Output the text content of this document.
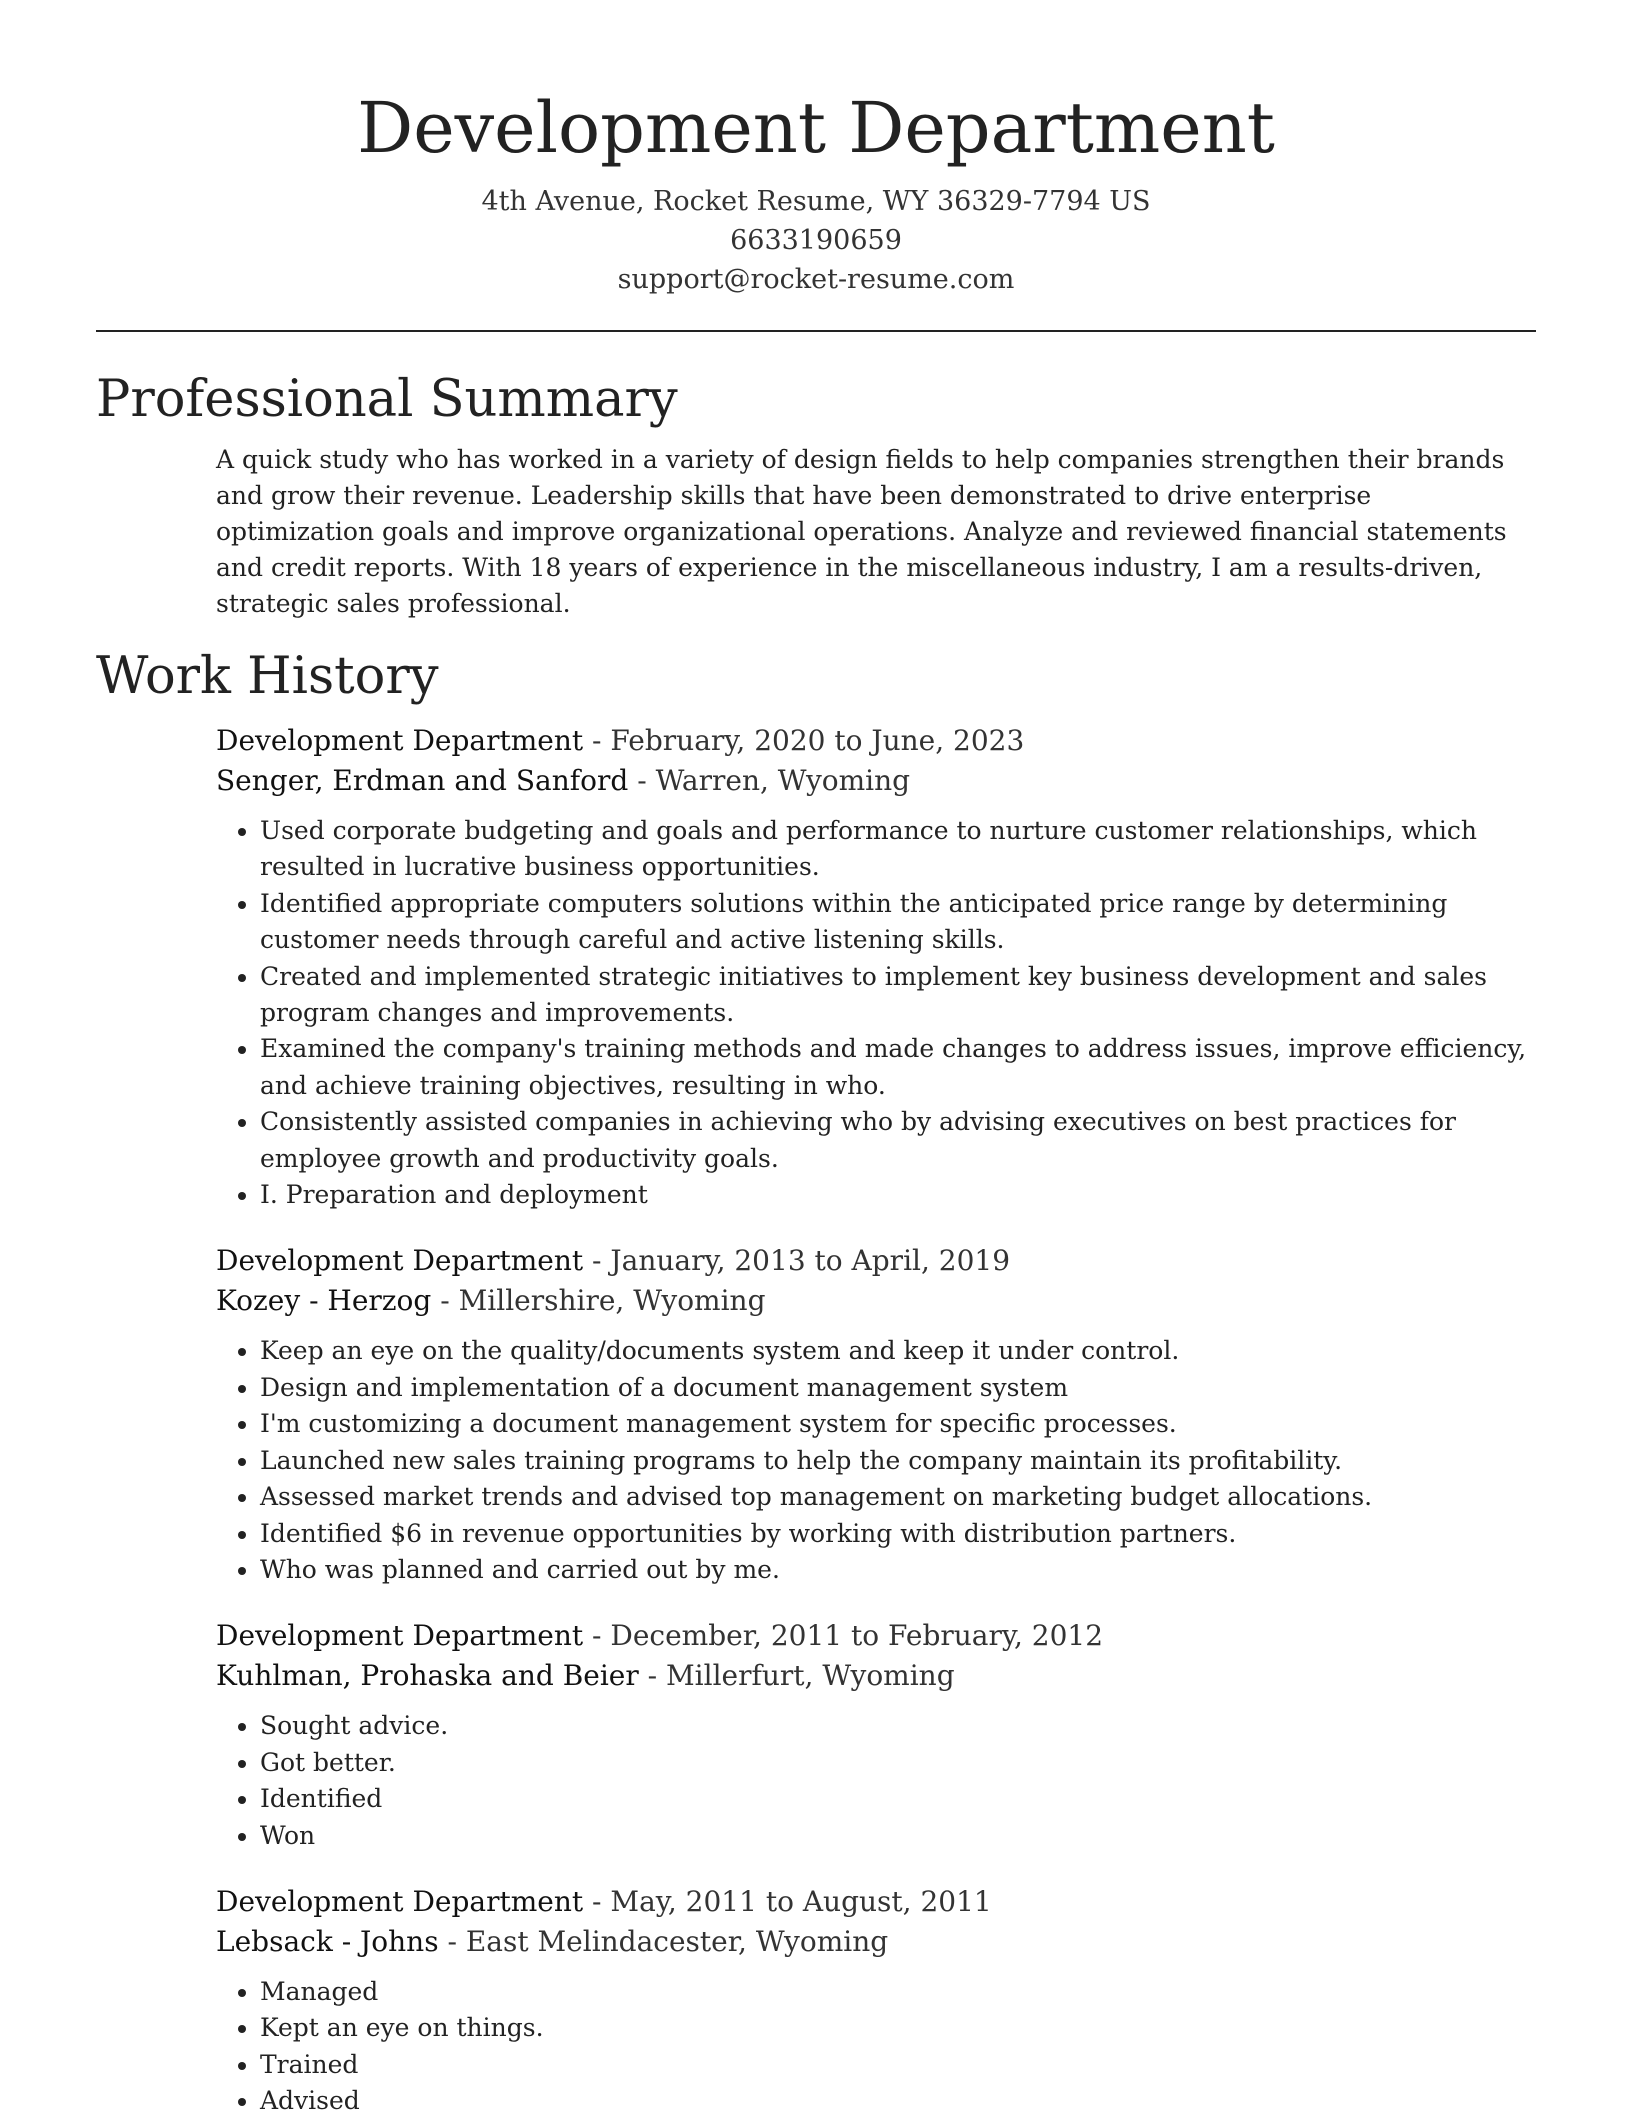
Development Department
4th Avenue, Rocket Resume, WY 36329-7794 US
6633190659
support@rocket-resume.com
Professional Summary

A quick study who has worked in a variety of design fields to help companies strengthen their brands and grow their revenue. Leadership skills that have been demonstrated to drive enterprise optimization goals and improve organizational operations. Analyze and reviewed financial statements and credit reports. With 18 years of experience in the miscellaneous industry, I am a results-driven, strategic sales professional.

Work History
Development Department - February, 2020 to June, 2023
Senger, Erdman and Sanford - Warren, Wyoming
• Used corporate budgeting and goals and performance to nurture customer relationships, which resulted in lucrative business opportunities.
• Identified appropriate computers solutions within the anticipated price range by determining customer needs through careful and active listening skills.
• Created and implemented strategic initiatives to implement key business development and sales program changes and improvements.
• Examined the company's training methods and made changes to address issues, improve efficiency, and achieve training objectives, resulting in who.
• Consistently assisted companies in achieving who by advising executives on best practices for employee growth and productivity goals.
• I. Preparation and deployment
Development Department - January, 2013 to April, 2019
Kozey - Herzog - Millershire, Wyoming
• Keep an eye on the quality/documents system and keep it under control.
• Design and implementation of a document management system
• I'm customizing a document management system for specific processes.
• Launched new sales training programs to help the company maintain its profitability.
• Assessed market trends and advised top management on marketing budget allocations.
• Identified $6 in revenue opportunities by working with distribution partners.
• Who was planned and carried out by me.
Development Department - December, 2011 to February, 2012
Kuhlman, Prohaska and Beier - Millerfurt, Wyoming
• Sought advice.
• Got better.
• Identified
• Won
Development Department - May, 2011 to August, 2011
Lebsack - Johns - East Melindacester, Wyoming
• Managed
• Kept an eye on things.
• Trained
• Advised
